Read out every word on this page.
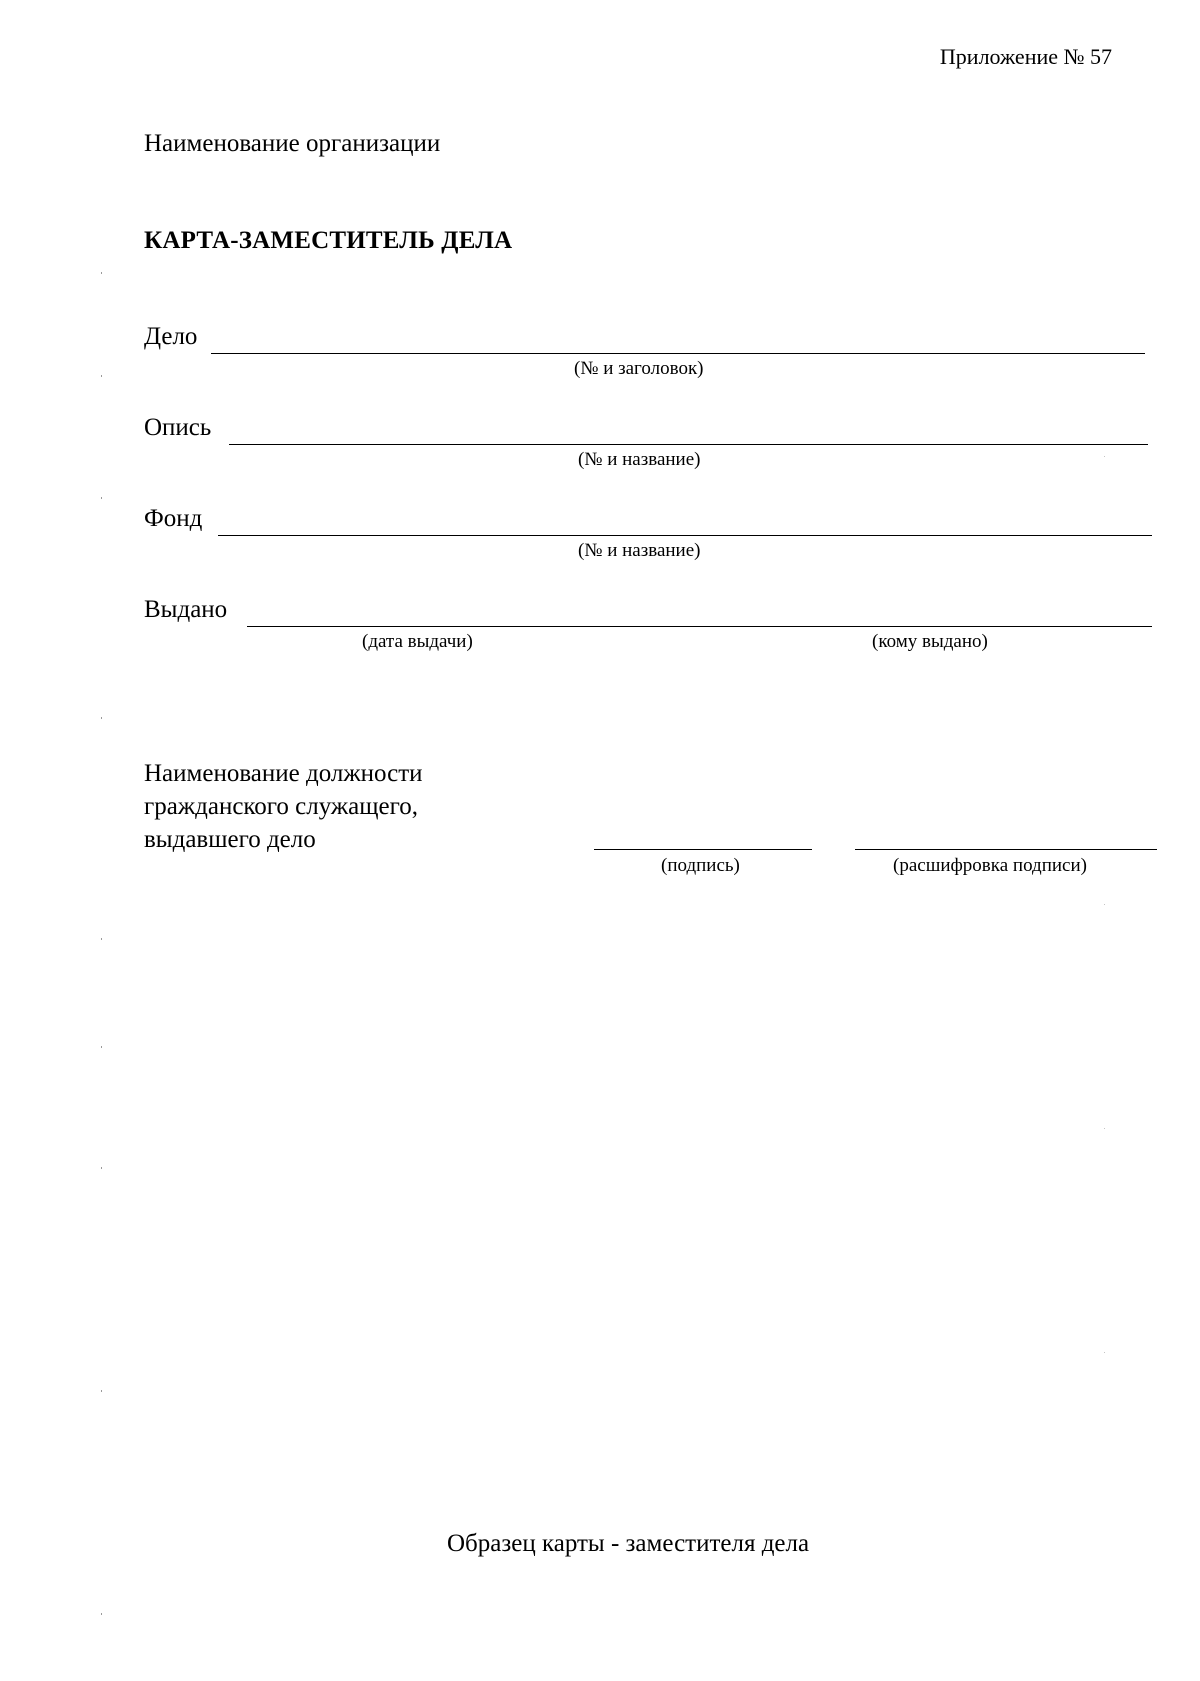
Приложение № 57
Наименование организации
КАРТА-ЗАМЕСТИТЕЛЬ ДЕЛА
Дело
(№ и заголовок)
Опись
(№ и название)
Фонд
(№ и название)
Выдано
(дата выдачи)	(кому выдано)
Наименование должности
гражданского служащего,
выдавшего дело
(подпись)	(расшифровка подписи)
Образец карты - заместителя дела
